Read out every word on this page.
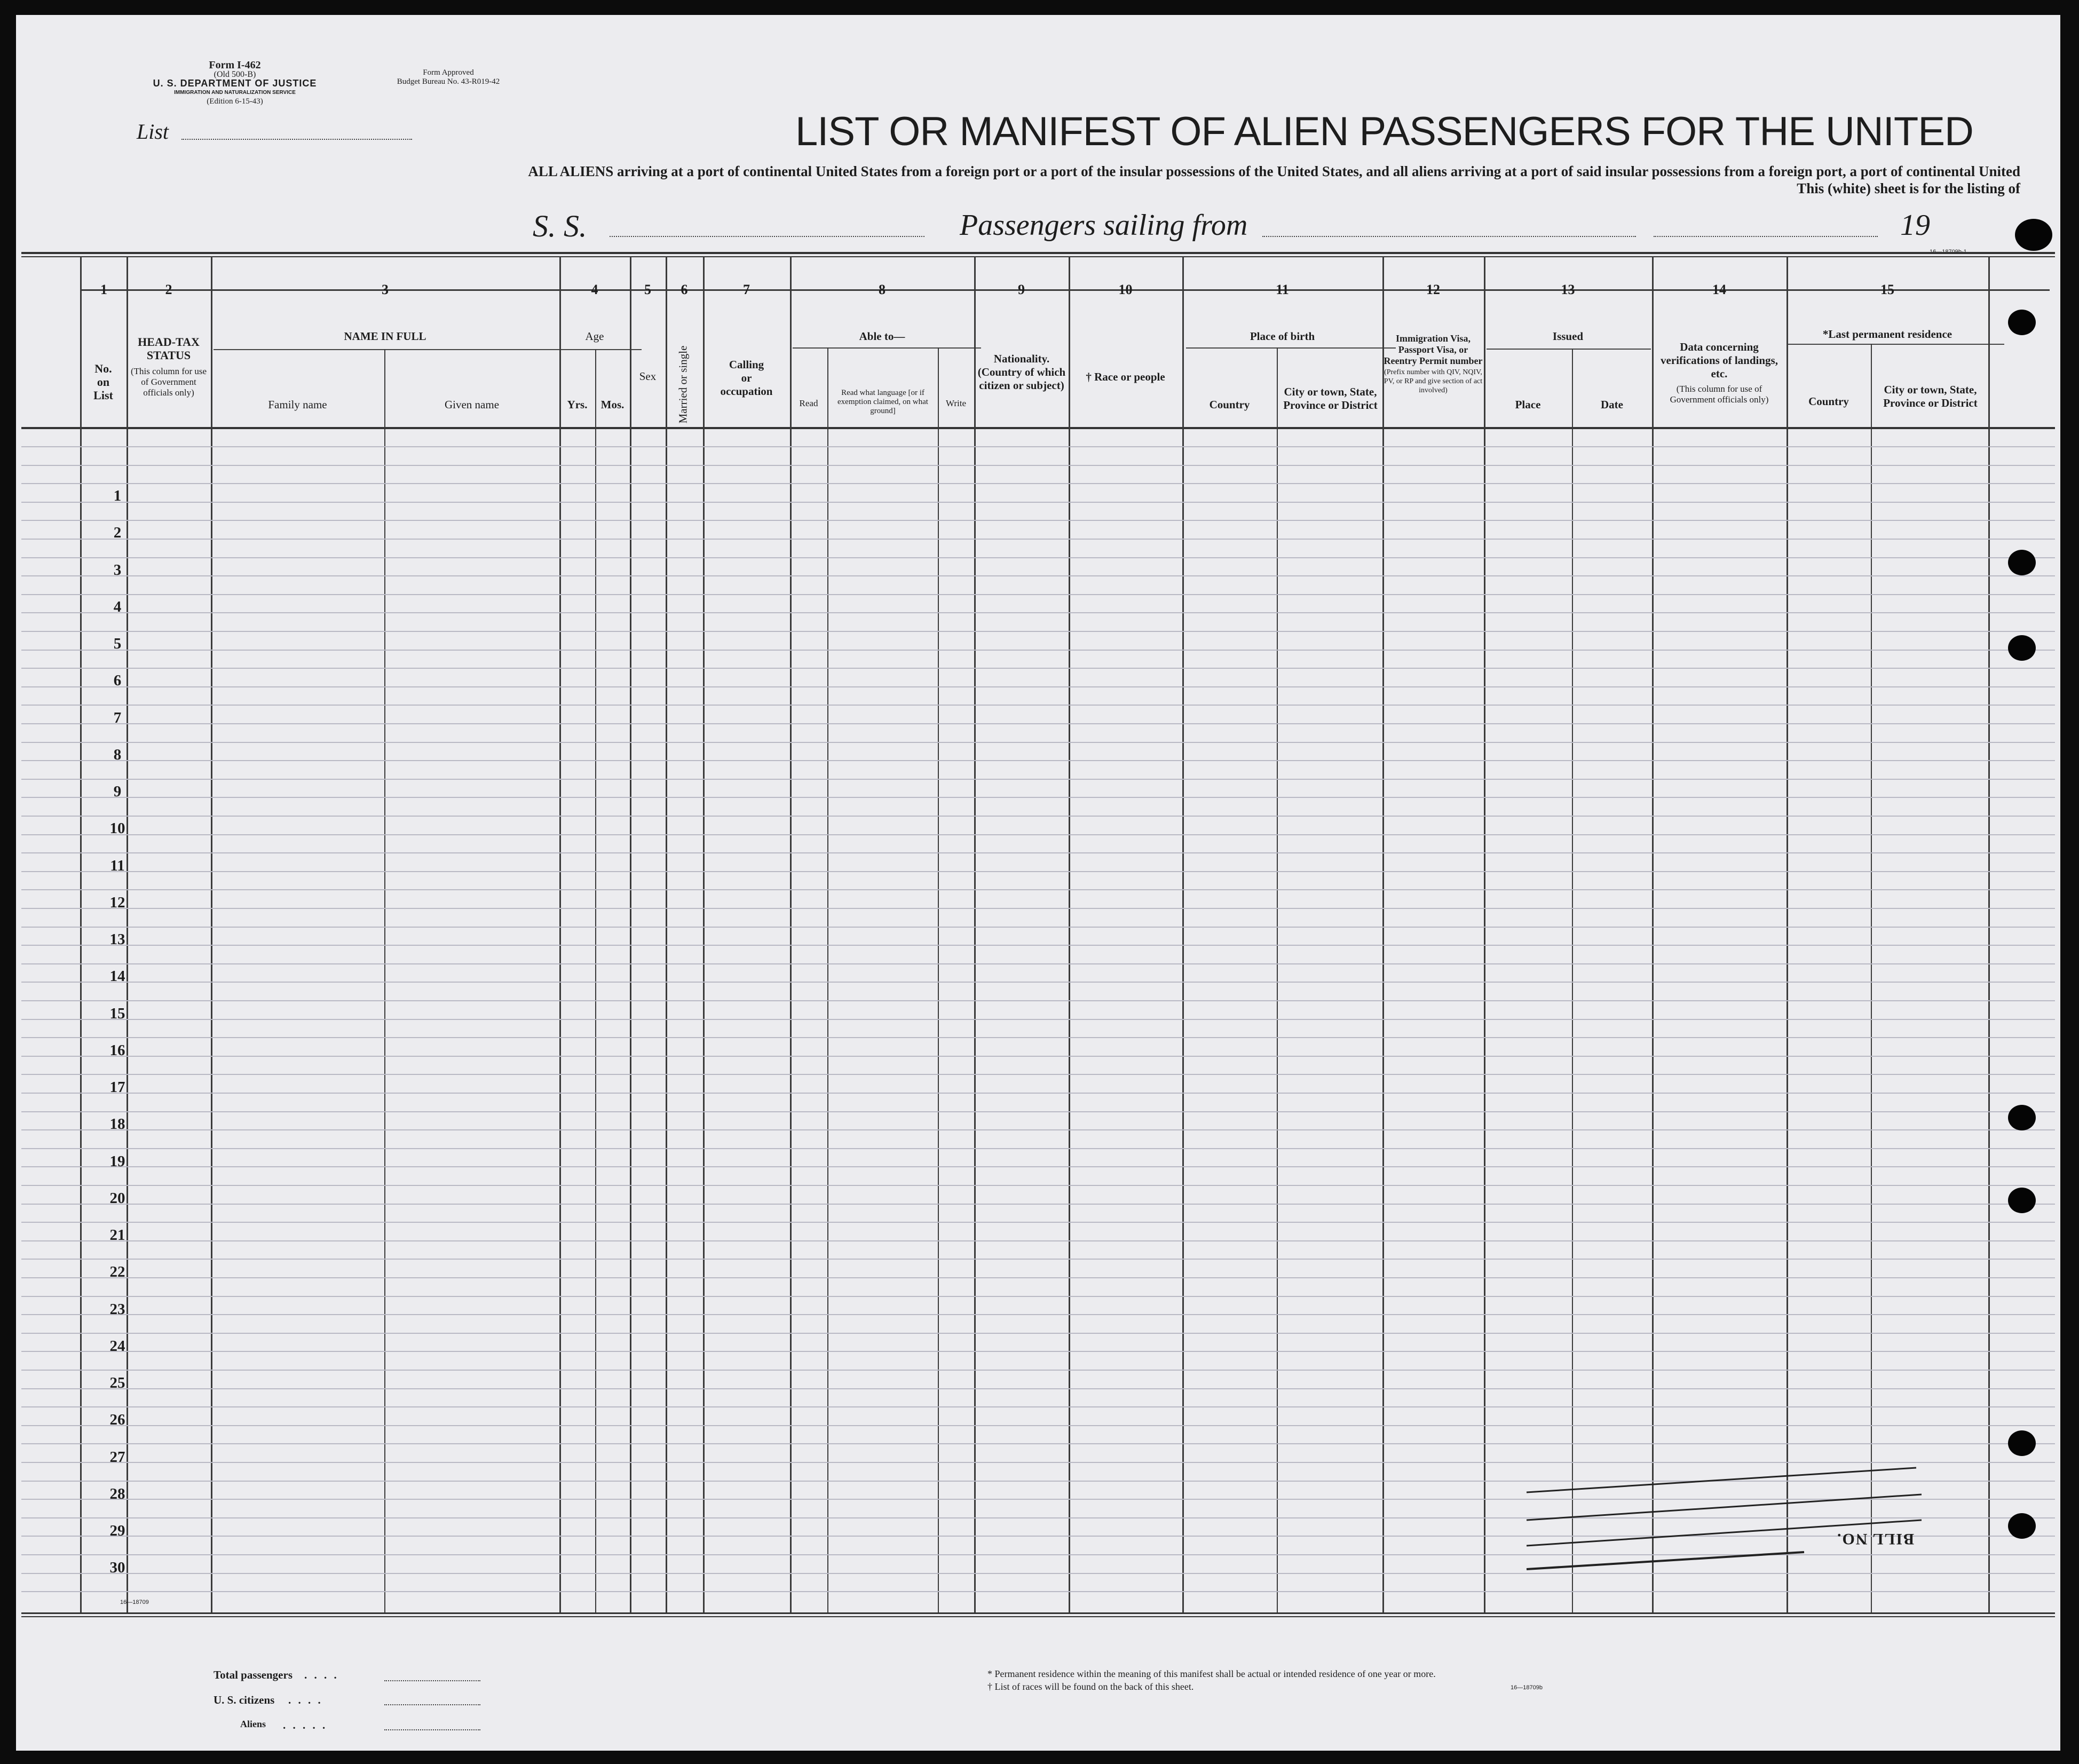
Form I-462
(Old 500-B)
U. S. DEPARTMENT OF JUSTICE
IMMIGRATION AND NATURALIZATION SERVICE
(Edition 6-15-43)
Form Approved
Budget Bureau No. 43-R019-42
List	LIST OR MANIFEST OF ALIEN PASSENGERS FOR THE UNITED
ALL ALIENS arriving at a port of continental United States from a foreign port or a port of the insular possessions of the United States, and all aliens arriving at a port of said insular possessions from a foreign port, a port of continental United
This (white) sheet is for the listing of
S. S.	Passengers sailing from	19
16—18709b-1
1	2	3	4	5	6	7	8	9	10	11	12	13	14	15
No.
on
List
HEAD-TAX STATUS
(This column for use of Government officials only)
NAME IN FULL
Family name	Given name
Age
Yrs.	Mos.
Sex	Married or single	Calling
or
occupation
Able to—
Read
Read what language [or if exemption claimed, on what ground]
Write
Nationality. (Country of which citizen or subject)
† Race or people
Place of birth
Country
City or town, State, Province or District
Immigration Visa, Passport Visa, or Reentry Permit number
(Prefix number with QIV, NQIV, PV, or RP and give section of act involved)
Issued
Place	Date
Data concerning verifications of landings, etc.
(This column for use of Government officials only)
*Last permanent residence
Country
City or town, State, Province or District
1
2
3
4
5
6
7
8
9
10
11
12
13
14
15
16
17
18
19
20
21
22
23
24
25
26
27
28
29
30
BILL NO.
16—18709
Total passengers . . . .
U. S. citizens . . . .
Aliens . . . . .
* Permanent residence within the meaning of this manifest shall be actual or intended residence of one year or more.
† List of races will be found on the back of this sheet.	16—18709b
